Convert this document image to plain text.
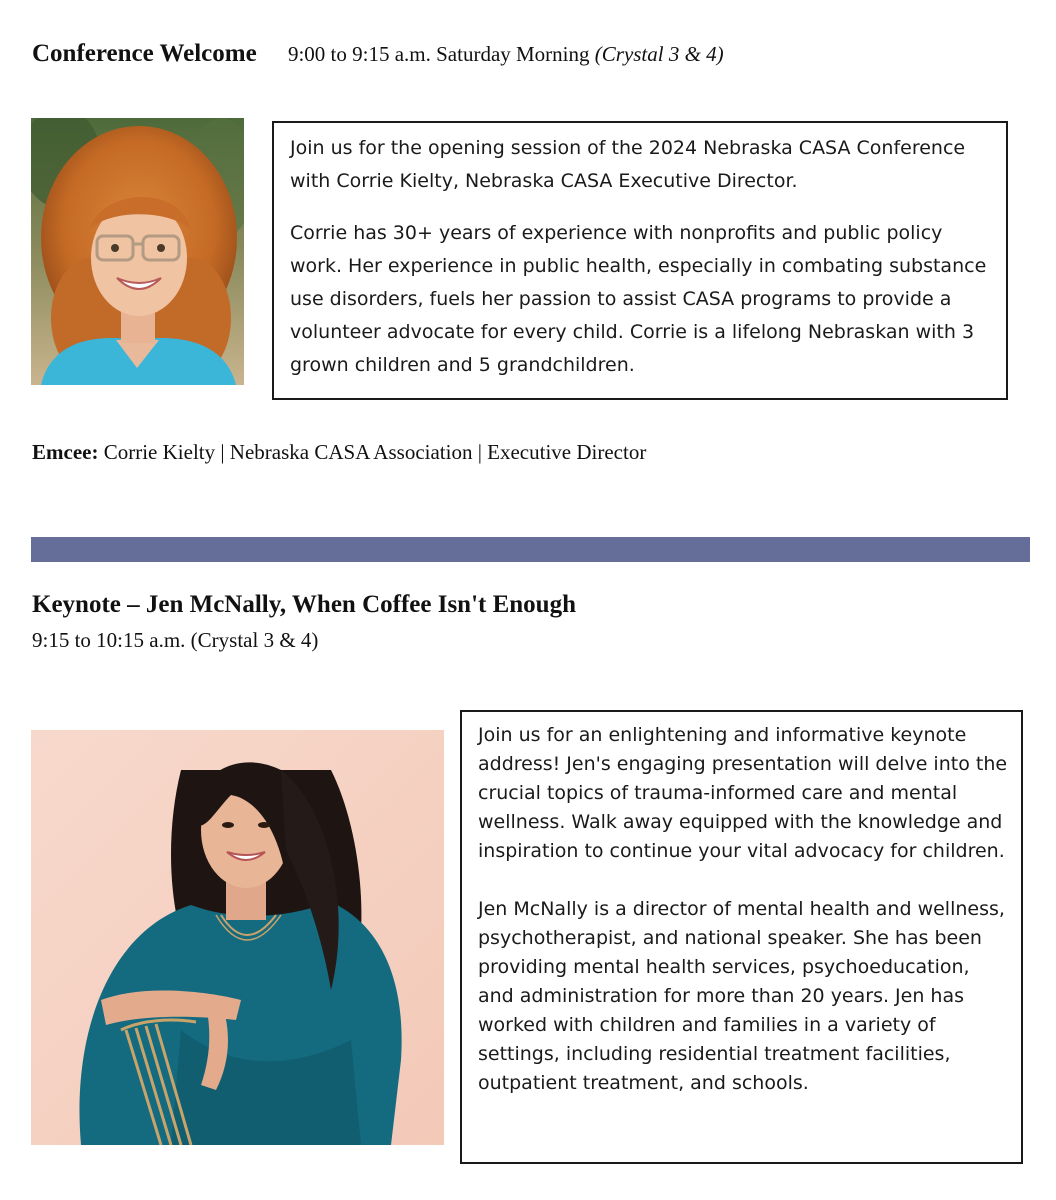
Conference Welcome 9:00 to 9:15 a.m. Saturday Morning (Crystal 3 & 4)

Join us for the opening session of the 2024 Nebraska CASA Conference with Corrie Kielty, Nebraska CASA Executive Director.

Corrie has 30+ years of experience with nonprofits and public policy work. Her experience in public health, especially in combating substance use disorders, fuels her passion to assist CASA programs to provide a volunteer advocate for every child. Corrie is a lifelong Nebraskan with 3 grown children and 5 grandchildren.

Emcee: Corrie Kielty | Nebraska CASA Association | Executive Director
Keynote – Jen McNally, When Coffee Isn't Enough
9:15 to 10:15 a.m. (Crystal 3 & 4)

Join us for an enlightening and informative keynote address! Jen's engaging presentation will delve into the crucial topics of trauma-informed care and mental wellness. Walk away equipped with the knowledge and inspiration to continue your vital advocacy for children.

Jen McNally is a director of mental health and wellness, psychotherapist, and national speaker. She has been providing mental health services, psychoeducation, and administration for more than 20 years. Jen has worked with children and families in a variety of settings, including residential treatment facilities, outpatient treatment, and schools.
